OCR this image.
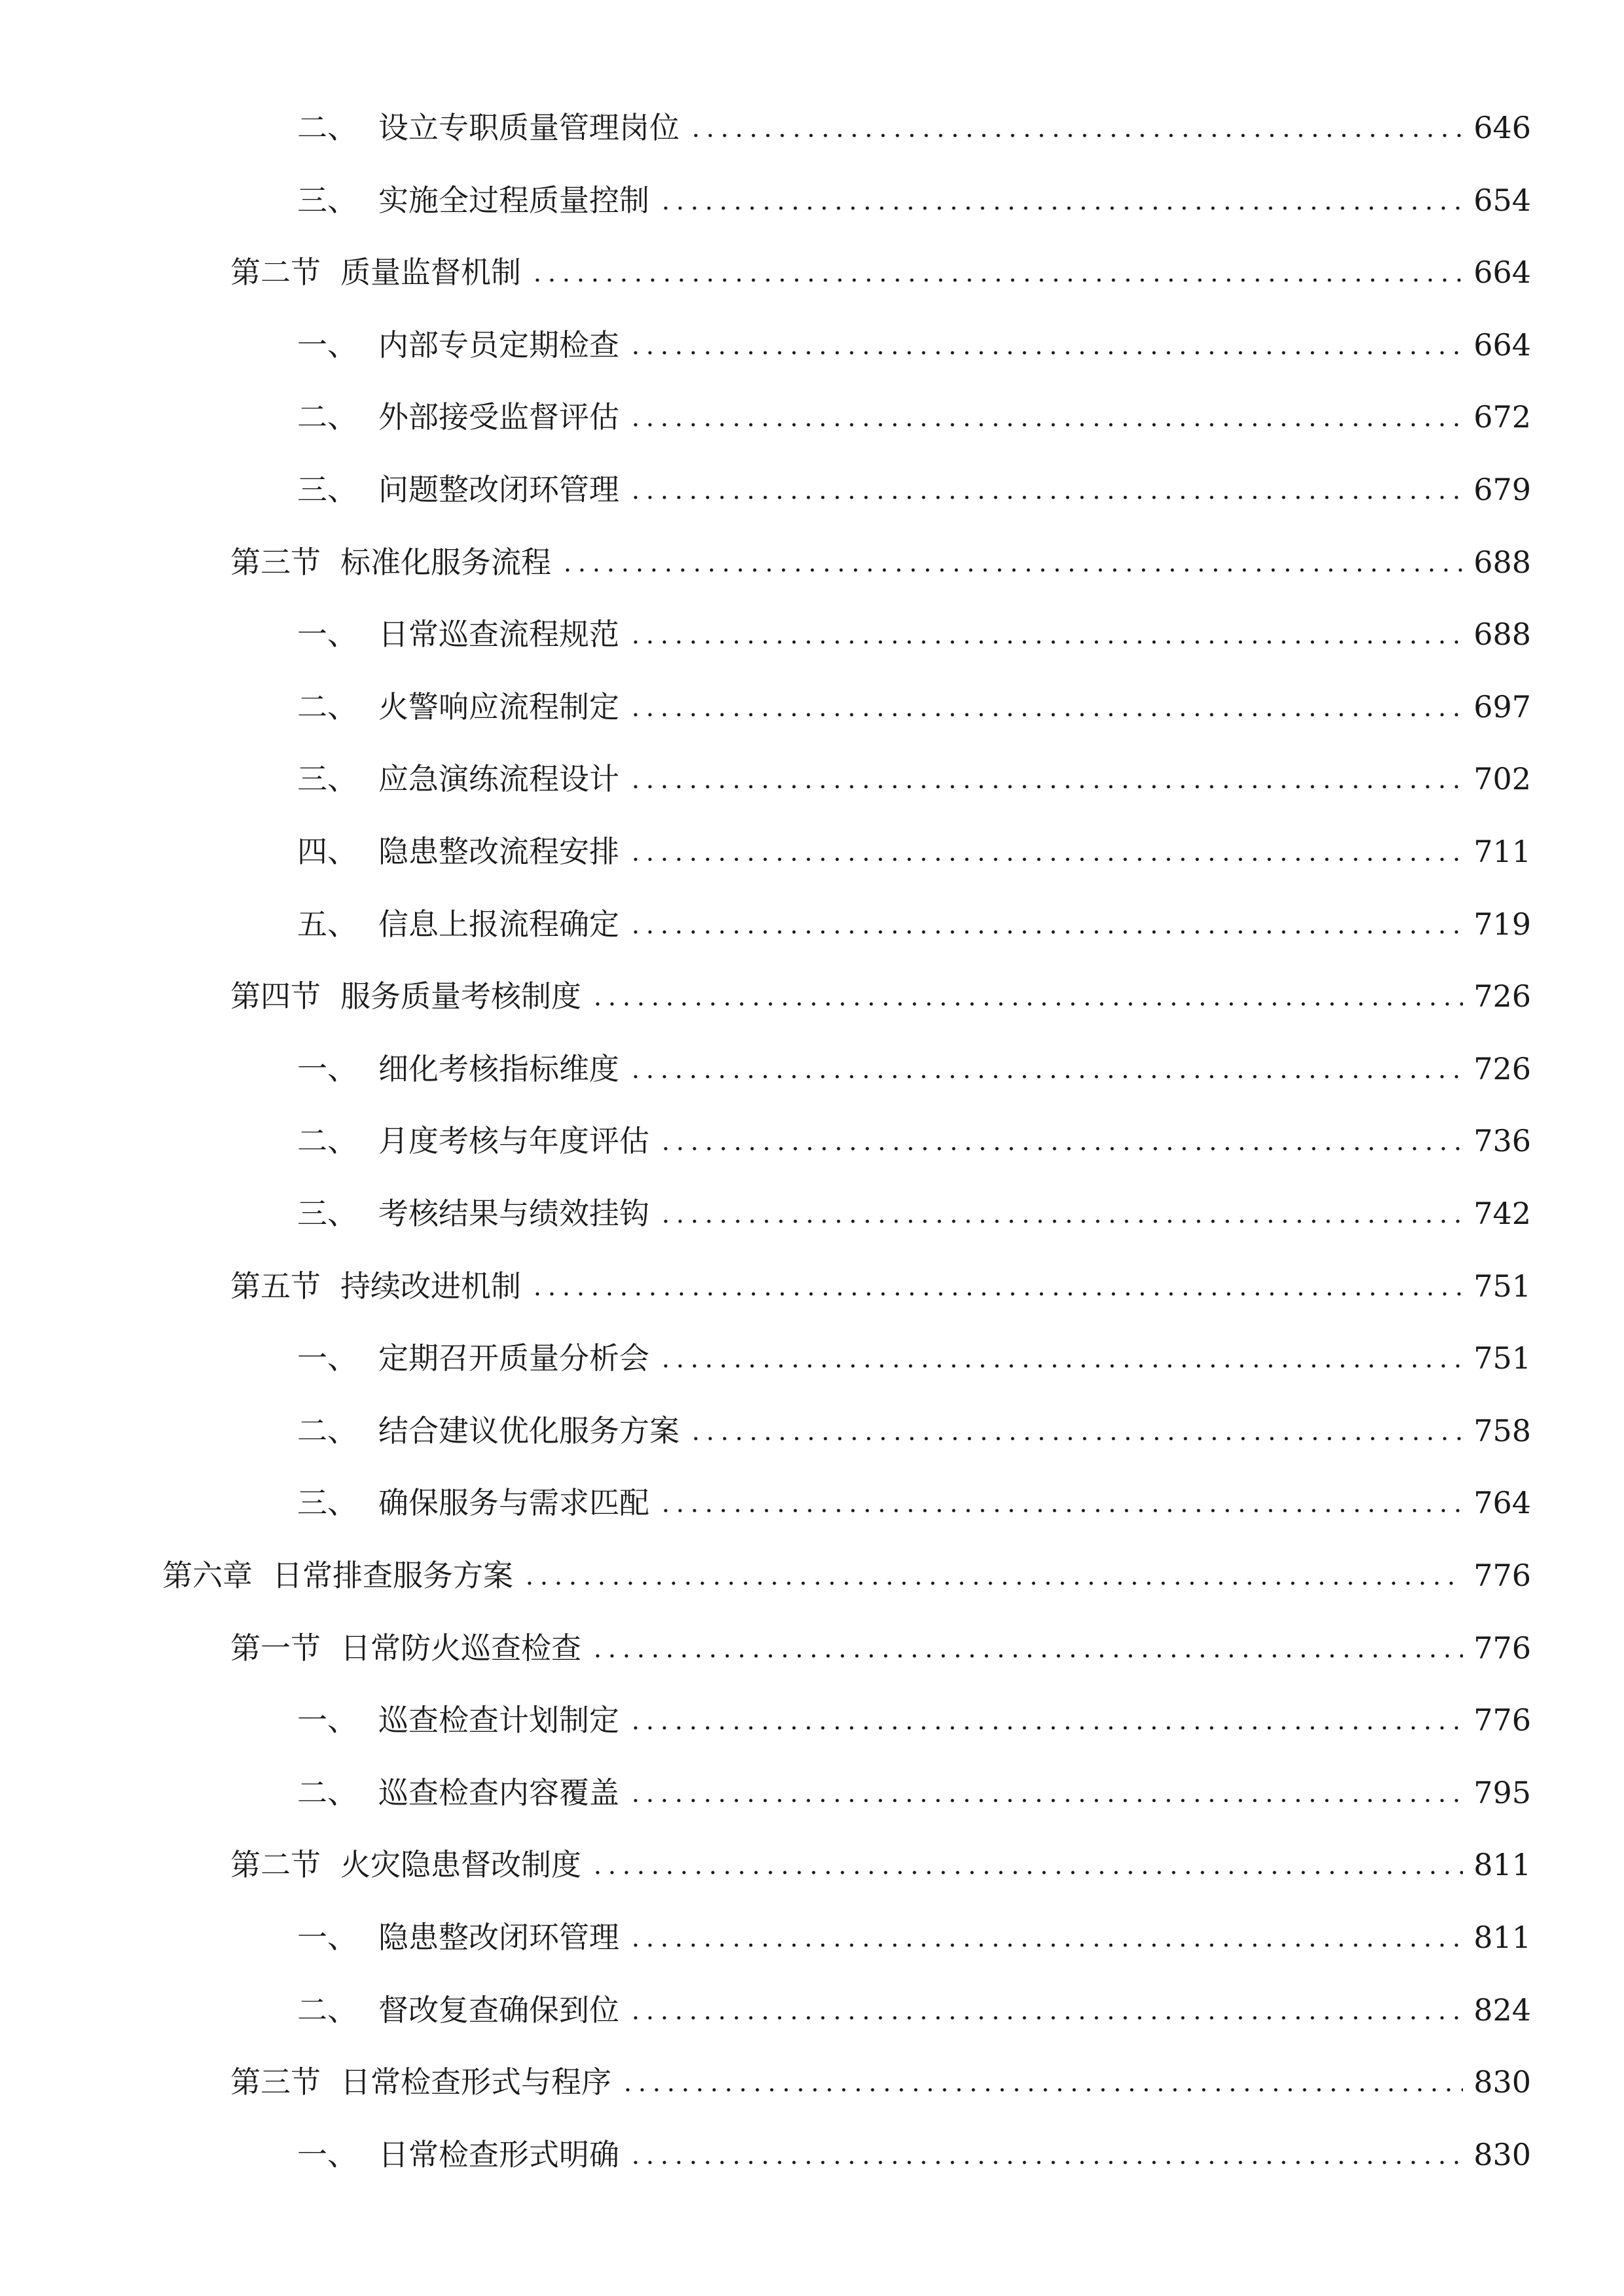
二、 设立专职质量管理岗位	646
三、 实施全过程质量控制	654
第二节 质量监督机制	664
一、 内部专员定期检查	664
二、 外部接受监督评估	672
三、 问题整改闭环管理	679
第三节 标准化服务流程	688
一、 日常巡查流程规范	688
二、 火警响应流程制定	697
三、 应急演练流程设计	702
四、 隐患整改流程安排	711
五、 信息上报流程确定	719
第四节 服务质量考核制度	726
一、 细化考核指标维度	726
二、 月度考核与年度评估	736
三、 考核结果与绩效挂钩	742
第五节 持续改进机制	751
一、 定期召开质量分析会	751
二、 结合建议优化服务方案	758
三、 确保服务与需求匹配	764
第六章 日常排查服务方案	776
第一节 日常防火巡查检查	776
一、 巡查检查计划制定	776
二、 巡查检查内容覆盖	795
第二节 火灾隐患督改制度	811
一、 隐患整改闭环管理	811
二、 督改复查确保到位	824
第三节 日常检查形式与程序	830
一、 日常检查形式明确	830
